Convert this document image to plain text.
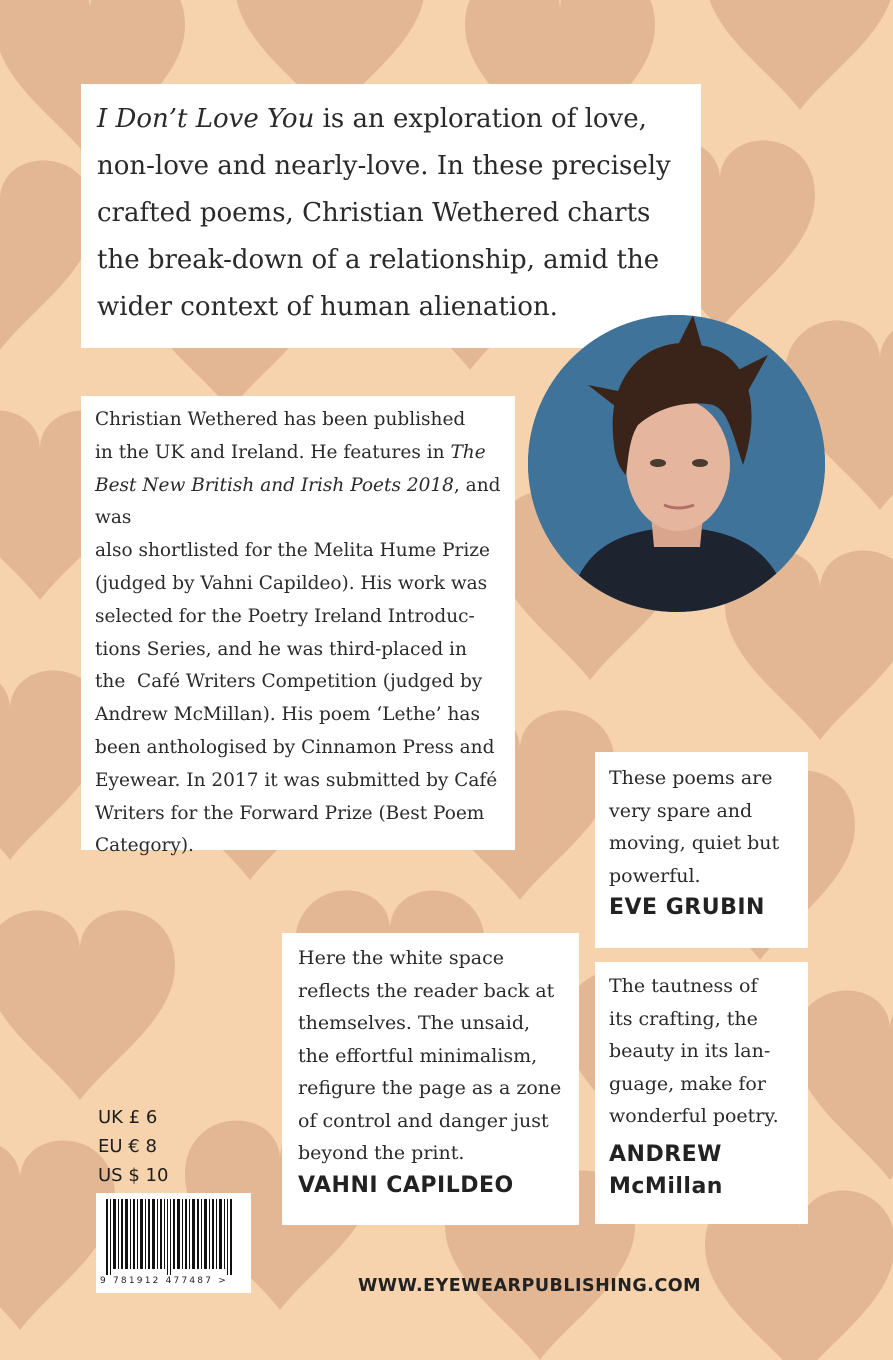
I Don’t Love You is an exploration of love,
non-love and nearly-love. In these precisely
crafted poems, Christian Wethered charts
the break-down of a relationship, amid the
wider context of human alienation.
Christian Wethered has been published
in the UK and Ireland. He features in The
Best New British and Irish Poets 2018, and was
also shortlisted for the Melita Hume Prize
(judged by Vahni Capildeo). His work was
selected for the Poetry Ireland Introduc-
tions Series, and he was third-placed in
the  Café Writers Competition (judged by
Andrew McMillan). His poem ‘Lethe’ has
been anthologised by Cinnamon Press and
Eyewear. In 2017 it was submitted by Café
Writers for the Forward Prize (Best Poem
Category).
These poems are
very spare and
moving, quiet but
powerful.
EVE GRUBIN
The tautness of
its crafting, the
beauty in its lan-
guage, make for
wonderful poetry.
ANDREW
McMillan
Here the white space
reflects the reader back at
themselves. The unsaid,
the effortful minimalism,
refigure the page as a zone
of control and danger just
beyond the print.
VAHNI CAPILDEO
UK £ 6
EU € 8
US $ 10
9 781912 477487 >	WWW.EYEWEARPUBLISHING.COM
